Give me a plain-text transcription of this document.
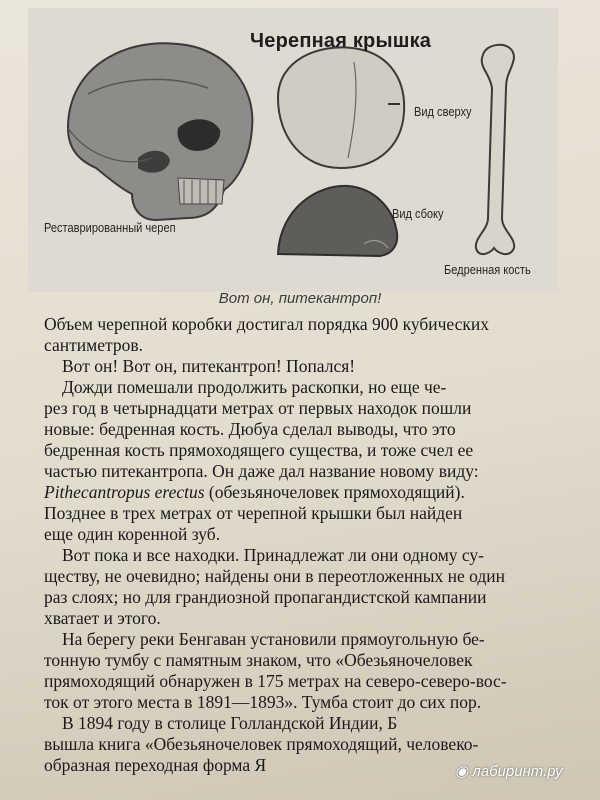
Черепная крышка
Реставрированный череп
Вид сверху
Вид сбоку
Бедренная кость
Вот он, питекантроп!
Объем черепной коробки достигал порядка 900 кубических
сантиметров.
Вот он! Вот он, питекантроп! Попался!
Дожди помешали продолжить раскопки, но еще че-
рез год в четырнадцати метрах от первых находок пошли
новые: бедренная кость. Дюбуа сделал выводы, что это
бедренная кость прямоходящего существа, и тоже счел ее
частью питекантропа. Он даже дал название новому виду:
Pithecantropus erectus (обезьяночеловек прямоходящий).
Позднее в трех метрах от черепной крышки был найден
еще один коренной зуб.
Вот пока и все находки. Принадлежат ли они одному су-
ществу, не очевидно; найдены они в переотложенных не один
раз слоях; но для грандиозной пропагандистской кампании
хватает и этого.
На берегу реки Бенгаван установили прямоугольную бе-
тонную тумбу с памятным знаком, что «Обезьяночеловек
прямоходящий обнаружен в 175 метрах на северо-северо-вос-
ток от этого места в 1891—1893». Тумба стоит до сих пор.
В 1894 году в столице Голландской Индии, Б
вышла книга «Обезьяночеловек прямоходящий, человеко-
образная переходная форма Я	◉ лабиринт.ру
